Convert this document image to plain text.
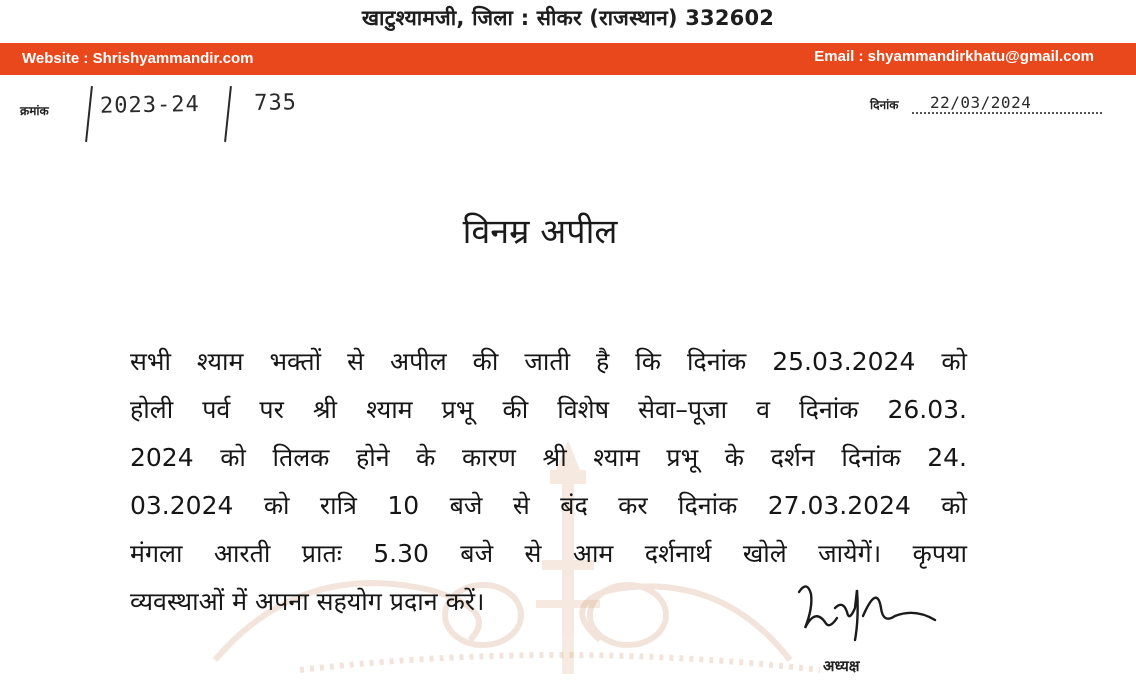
खाटुश्यामजी, जिला : सीकर (राजस्थान) 332602
Website : Shrishyammandir.com	Email : shyammandirkhatu@gmail.com
क्रमांक 2023-24 735	दिनांक 22/03/2024
विनम्र अपील
सभी श्याम भक्तों से अपील की जाती है कि दिनांक 25.03.2024 को
होली पर्व पर श्री श्याम प्रभू की विशेष सेवा–पूजा व दिनांक 26.03.
2024 को तिलक होने के कारण श्री श्याम प्रभू के दर्शन दिनांक 24.
03.2024 को रात्रि 10 बजे से बंद कर दिनांक 27.03.2024 को
मंगला आरती प्रातः 5.30 बजे से आम दर्शनार्थ खोले जायेगें। कृपया
व्यवस्थाओं में अपना सहयोग प्रदान करें।
अध्यक्ष
